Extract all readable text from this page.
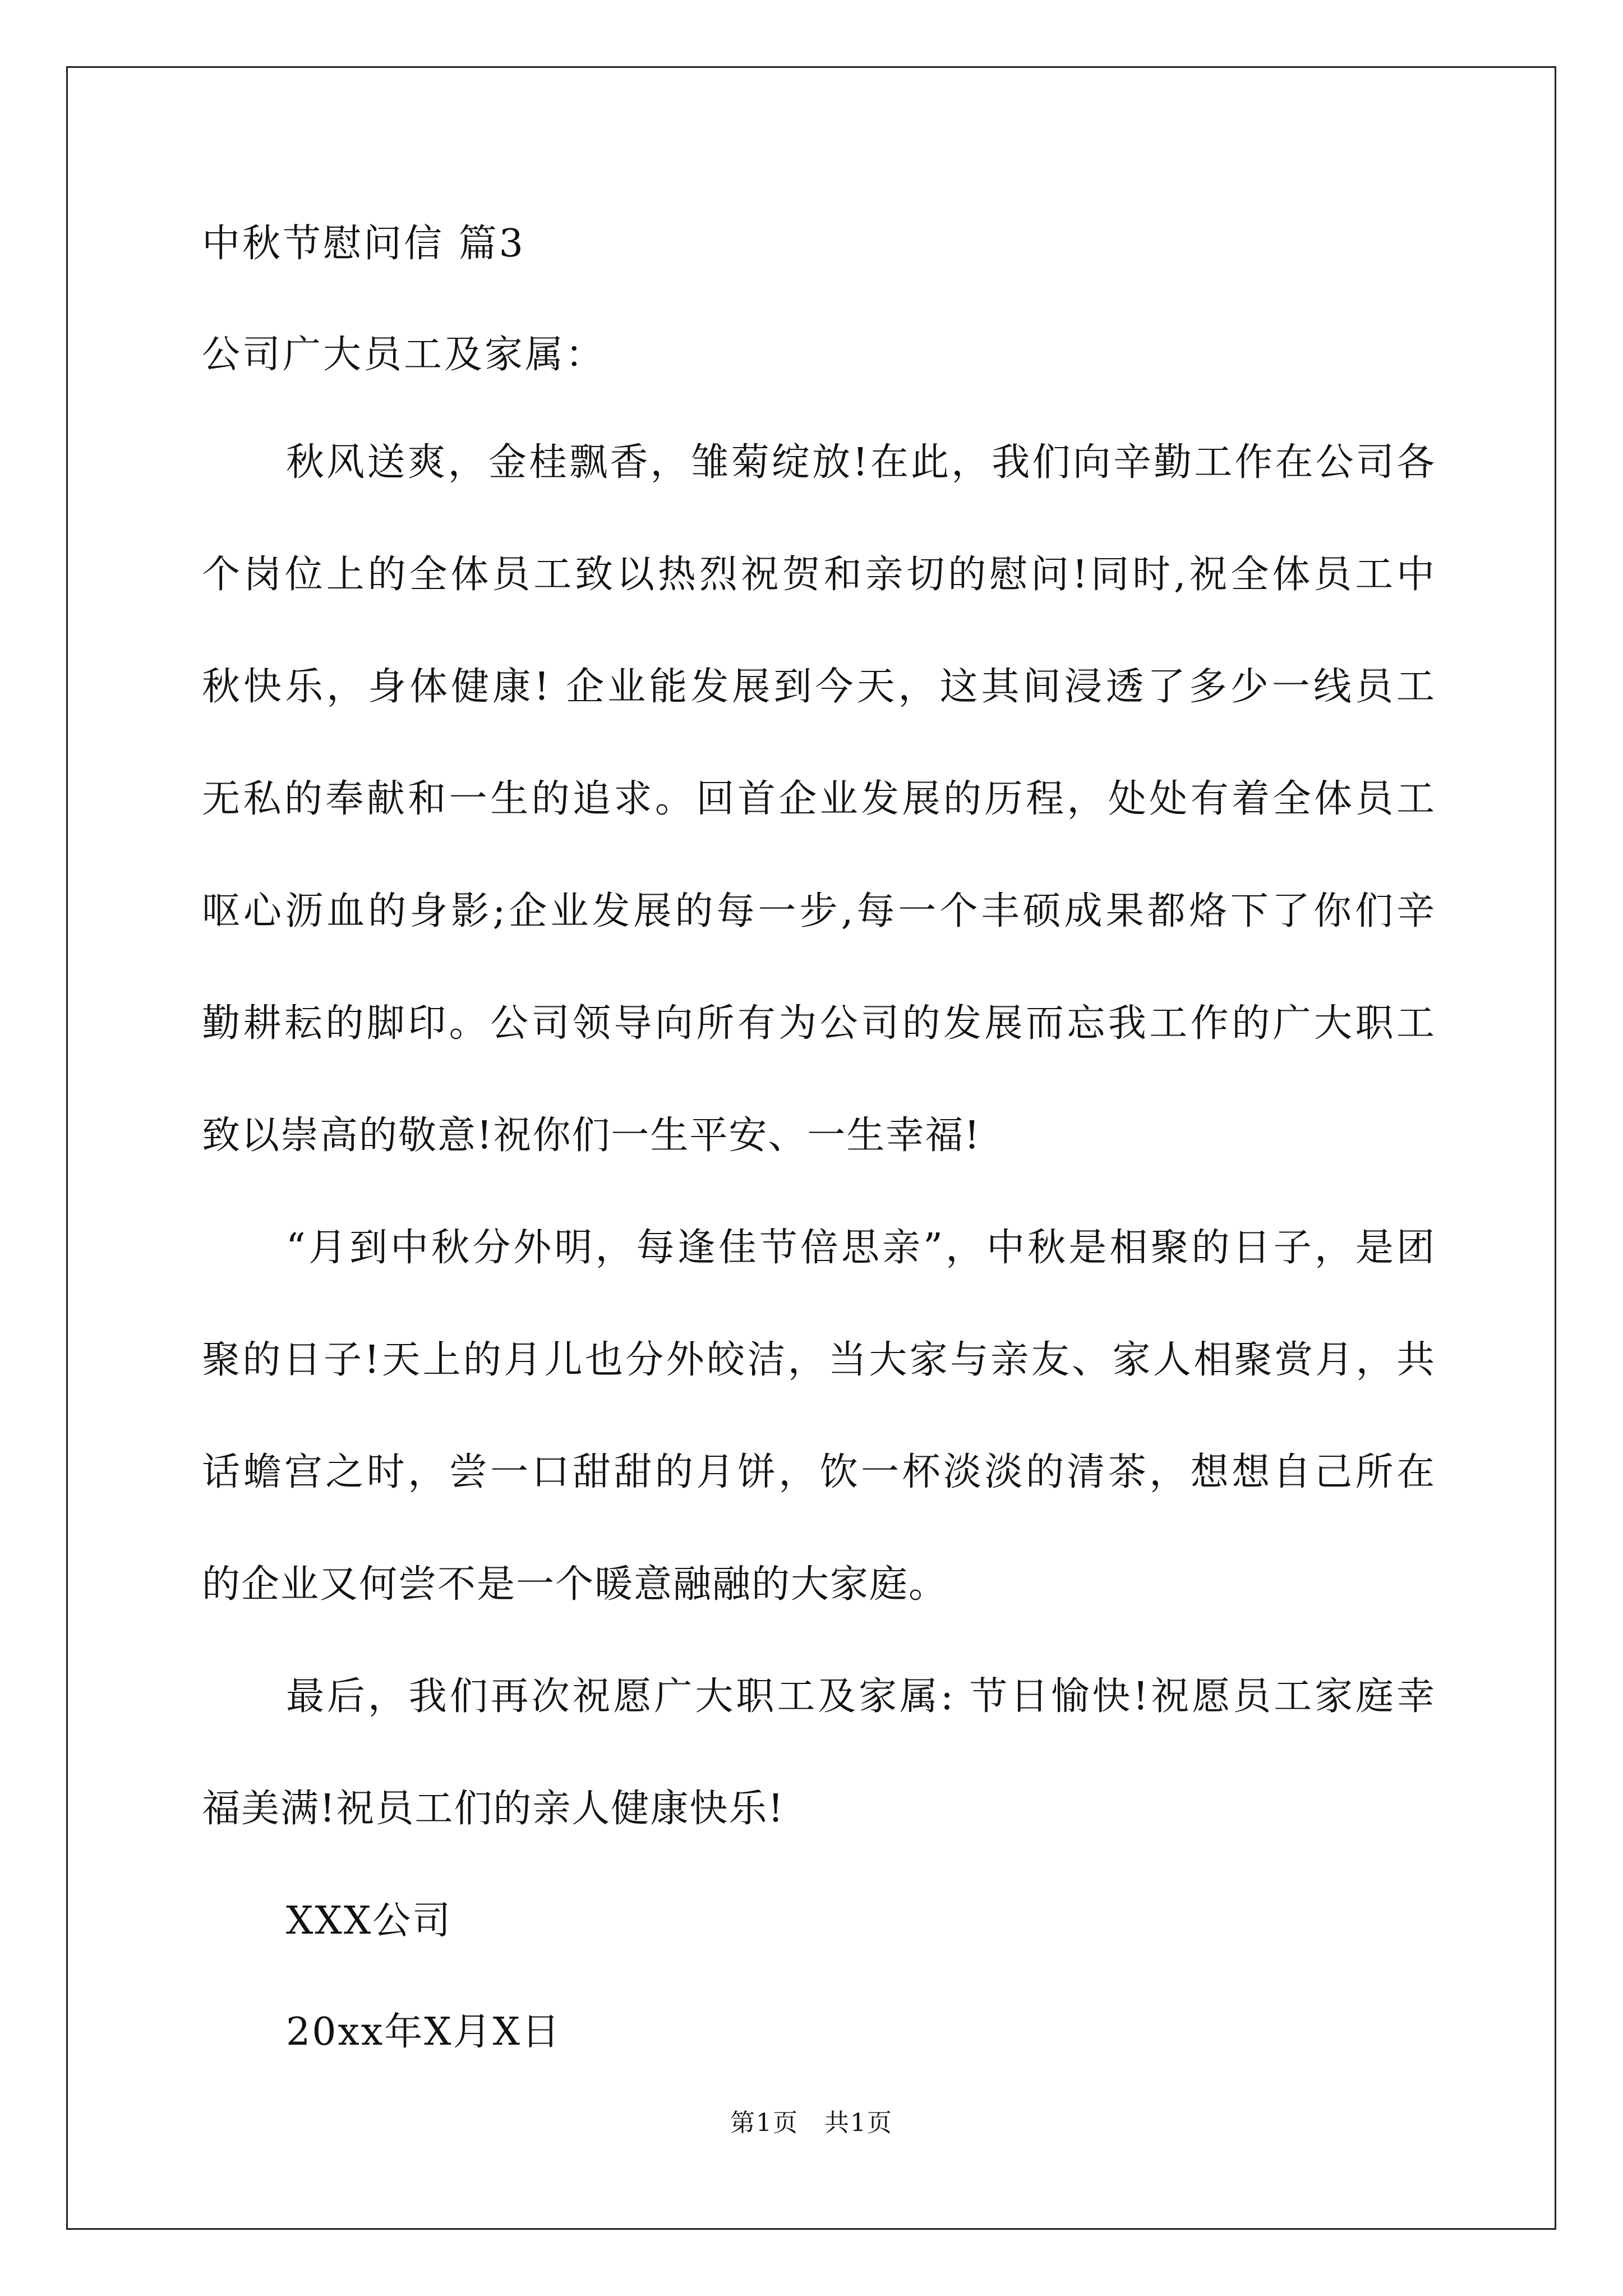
中秋节慰问信 篇3

公司广大员工及家属：

秋风送爽，金桂飘香，雏菊绽放!在此，我们向辛勤工作在公司各

个岗位上的全体员工致以热烈祝贺和亲切的慰问!同时,祝全体员工中

秋快乐，身体健康! 企业能发展到今天，这其间浸透了多少一线员工

无私的奉献和一生的追求。回首企业发展的历程，处处有着全体员工

呕心沥血的身影;企业发展的每一步,每一个丰硕成果都烙下了你们辛

勤耕耘的脚印。公司领导向所有为公司的发展而忘我工作的广大职工

致以崇高的敬意!祝你们一生平安、一生幸福!

“月到中秋分外明，每逢佳节倍思亲”，中秋是相聚的日子，是团

聚的日子!天上的月儿也分外皎洁，当大家与亲友、家人相聚赏月，共

话蟾宫之时，尝一口甜甜的月饼，饮一杯淡淡的清茶，想想自己所在

的企业又何尝不是一个暖意融融的大家庭。

最后，我们再次祝愿广大职工及家属: 节日愉快!祝愿员工家庭幸

福美满!祝员工们的亲人健康快乐!

XXX公司

20xx年X月X日

第1页　共1页
